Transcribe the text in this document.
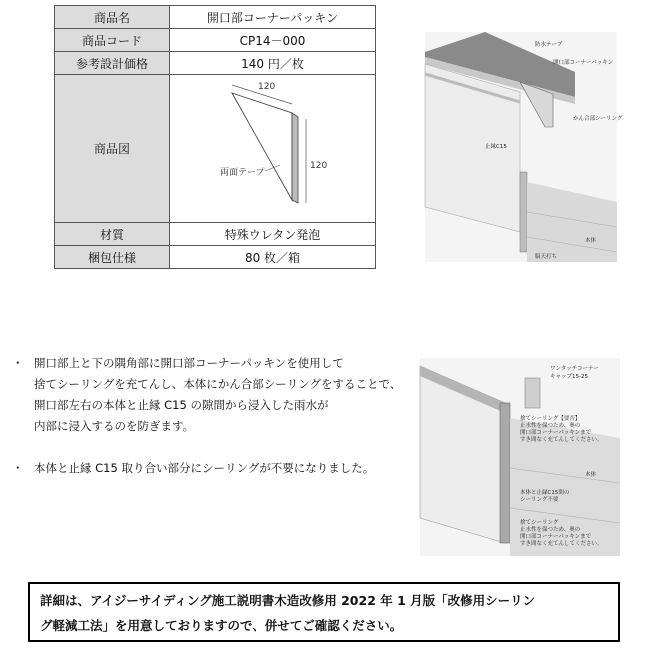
商品名	開口部コーナーパッキン
商品コード	CP14－000
参考設計価格	140 円／枚
商品図	120
120
両面テープ

材質	特殊ウレタン発泡
梱包仕様	80 枚／箱
防水テープ
開口部コーナーパッキン
かん合部シーリング
止縁C15
本体
脳天打ち
・ 開口部上と下の隅角部に開口部コーナーパッキンを使用して
捨てシーリングを充てんし、本体にかん合部シーリングをすることで、
開口部左右の本体と止縁 C15 の隙間から浸入した雨水が
内部に浸入するのを防ぎます。
・ 本体と止縁 C15 取り合い部分にシーリングが不要になりました。
ワンタッチコーナー
キャップ15-25
捨てシーリング【要否】
止水性を保つため、奥の
開口部コーナーパッキンまで
すき間なく充てんしてください。
本体
本体と止縁C15間の
シーリング不要
捨てシーリング
止水性を保つため、奥の
開口部コーナーパッキンまで
すき間なく充てんしてください。
詳細は、アイジーサイディング施工説明書木造改修用 2022 年 1 月版「改修用シーリン
グ軽減工法」を用意しておりますので、併せてご確認ください。
